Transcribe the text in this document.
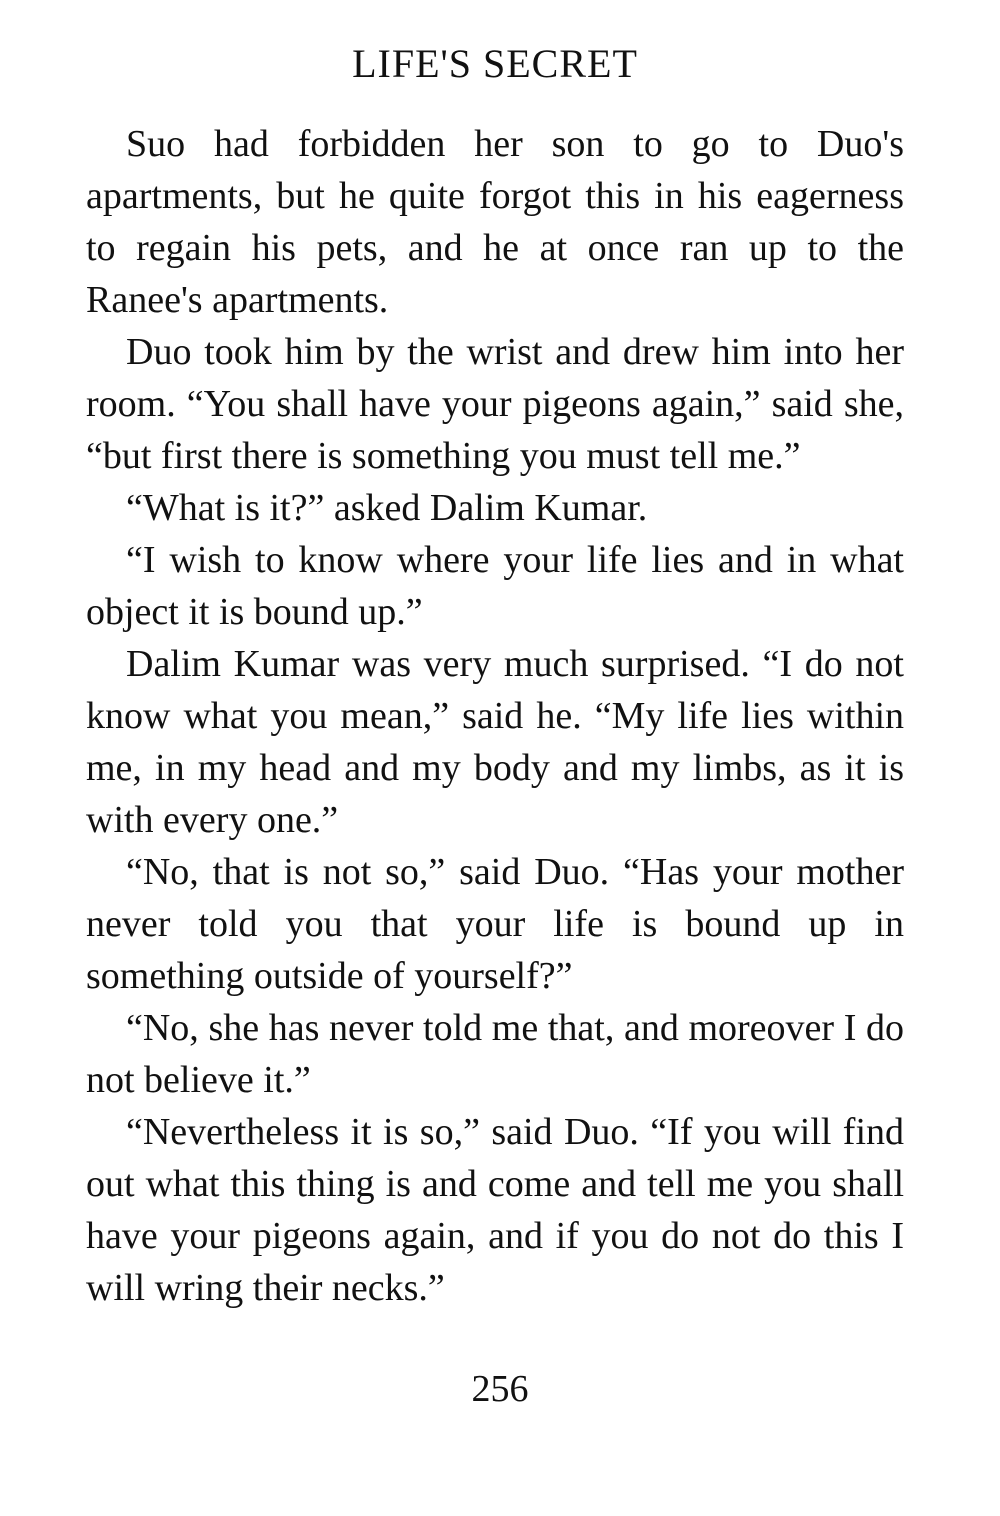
LIFE'S SECRET

Suo had forbidden her son to go to Duo's apartments, but he quite forgot this in his eagerness to regain his pets, and he at once ran up to the Ranee's apartments.

Duo took him by the wrist and drew him into her room. “You shall have your pigeons again,” said she, “but first there is something you must tell me.”

“What is it?” asked Dalim Kumar.

“I wish to know where your life lies and in what object it is bound up.”

Dalim Kumar was very much surprised. “I do not know what you mean,” said he. “My life lies within me, in my head and my body and my limbs, as it is with every one.”

“No, that is not so,” said Duo. “Has your mother never told you that your life is bound up in something outside of yourself?”

“No, she has never told me that, and moreover I do not believe it.”

“Nevertheless it is so,” said Duo. “If you will find out what this thing is and come and tell me you shall have your pigeons again, and if you do not do this I will wring their necks.”

256
